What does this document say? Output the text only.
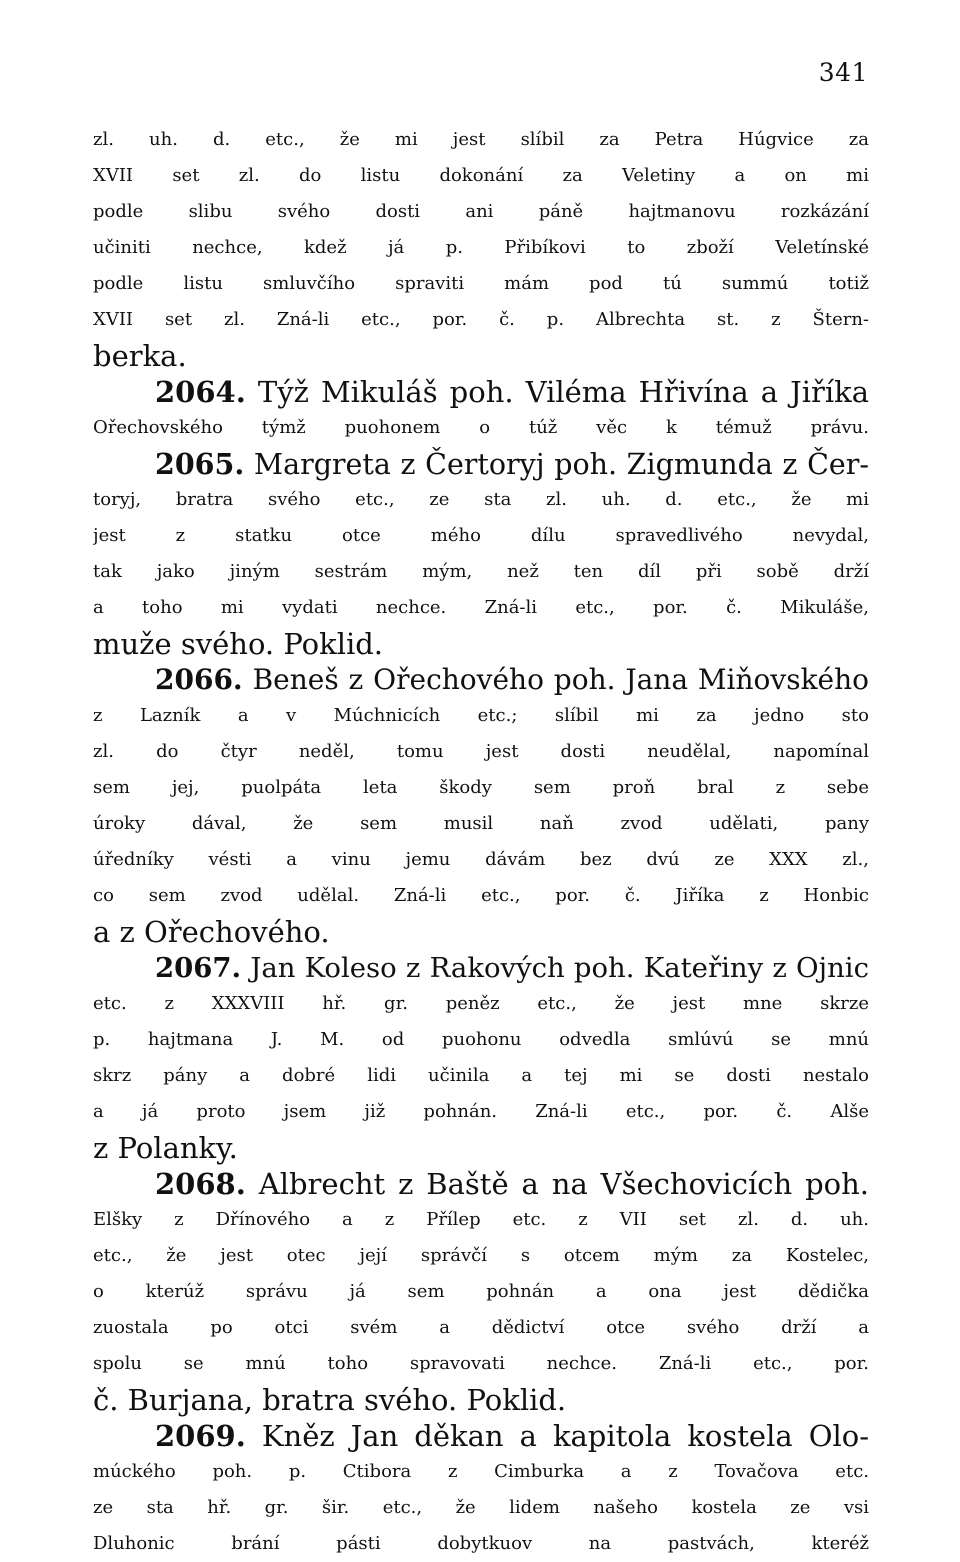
341
zl. uh. d. etc., že mi jest slíbil za Petra Húgvice za
XVII set zl. do listu dokonání za Veletiny a on mi
podle slibu svého dosti ani páně hajtmanovu rozkázání
učiniti nechce, kdež já p. Přibíkovi to zboží Veletínské
podle listu smluvčího spraviti mám pod tú summú totiž
XVII set zl. Zná-li etc., por. č. p. Albrechta st. z Štern-
berka.
2064. Týž Mikuláš poh. Viléma Hřivína a Jiříka
Ořechovského týmž puohonem o túž věc k témuž právu.
2065. Margreta z Čertoryj poh. Zigmunda z Čer-
toryj, bratra svého etc., ze sta zl. uh. d. etc., že mi
jest z statku otce mého dílu spravedlivého nevydal,
tak jako jiným sestrám mým, než ten díl při sobě drží
a toho mi vydati nechce. Zná-li etc., por. č. Mikuláše,
muže svého. Poklid.
2066. Beneš z Ořechového poh. Jana Miňovského
z Lazník a v Múchnicích etc.; slíbil mi za jedno sto
zl. do čtyr neděl, tomu jest dosti neudělal, napomínal
sem jej, puolpáta leta škody sem proň bral z sebe
úroky dával, že sem musil naň zvod udělati, pany
úředníky vésti a vinu jemu dávám bez dvú ze XXX zl.,
co sem zvod udělal. Zná-li etc., por. č. Jiříka z Honbic
a z Ořechového.
2067. Jan Koleso z Rakových poh. Kateřiny z Ojnic
etc. z XXXVIII hř. gr. peněz etc., že jest mne skrze
p. hajtmana J. M. od puohonu odvedla smlúvú se mnú
skrz pány a dobré lidi učinila a tej mi se dosti nestalo
a já proto jsem již pohnán. Zná-li etc., por. č. Alše
z Polanky.
2068. Albrecht z Baště a na Všechovicích poh.
Elšky z Dřínového a z Přílep etc. z VII set zl. d. uh.
etc., že jest otec její správčí s otcem mým za Kostelec,
o kterúž správu já sem pohnán a ona jest dědička
zuostala po otci svém a dědictví otce svého drží a
spolu se mnú toho spravovati nechce. Zná-li etc., por.
č. Burjana, bratra svého. Poklid.
2069. Kněz Jan děkan a kapitola kostela Olo-
múckého poh. p. Ctibora z Cimburka a z Tovačova etc.
ze sta hř. gr. šir. etc., že lidem našeho kostela ze vsi
Dluhonic brání pásti dobytkuov na pastvách, kteréž
